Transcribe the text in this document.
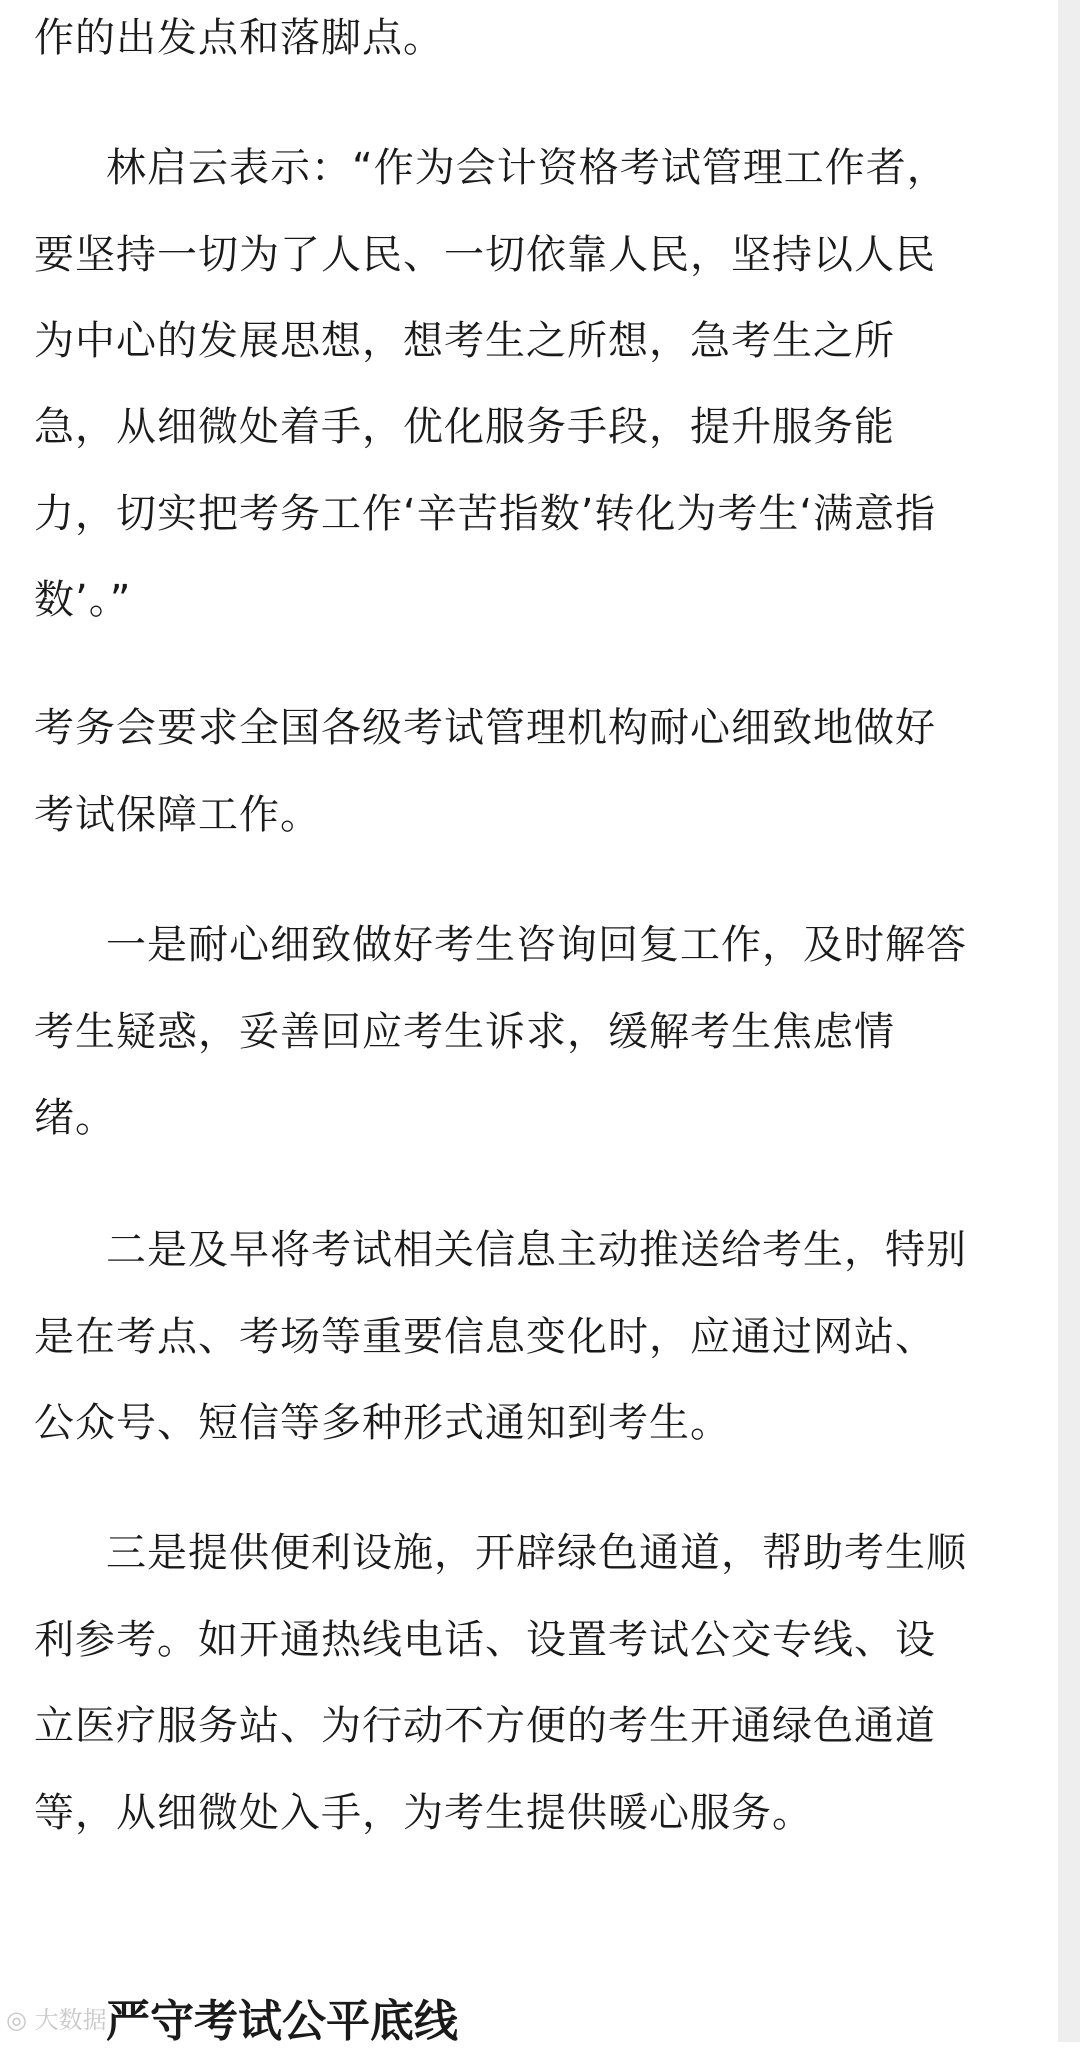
作的出发点和落脚点。
林启云表示：“作为会计资格考试管理工作者，
要坚持一切为了人民、一切依靠人民，坚持以人民
为中心的发展思想，想考生之所想，急考生之所
急，从细微处着手，优化服务手段，提升服务能
力，切实把考务工作‘辛苦指数’转化为考生‘满意指
数’。”
考务会要求全国各级考试管理机构耐心细致地做好
考试保障工作。
一是耐心细致做好考生咨询回复工作，及时解答
考生疑惑，妥善回应考生诉求，缓解考生焦虑情
绪。
二是及早将考试相关信息主动推送给考生，特别
是在考点、考场等重要信息变化时，应通过网站、
公众号、短信等多种形式通知到考生。
三是提供便利设施，开辟绿色通道，帮助考生顺
利参考。如开通热线电话、设置考试公交专线、设
立医疗服务站、为行动不方便的考生开通绿色通道
等，从细微处入手，为考生提供暖心服务。
严守考试公平底线
◎ 大数据
